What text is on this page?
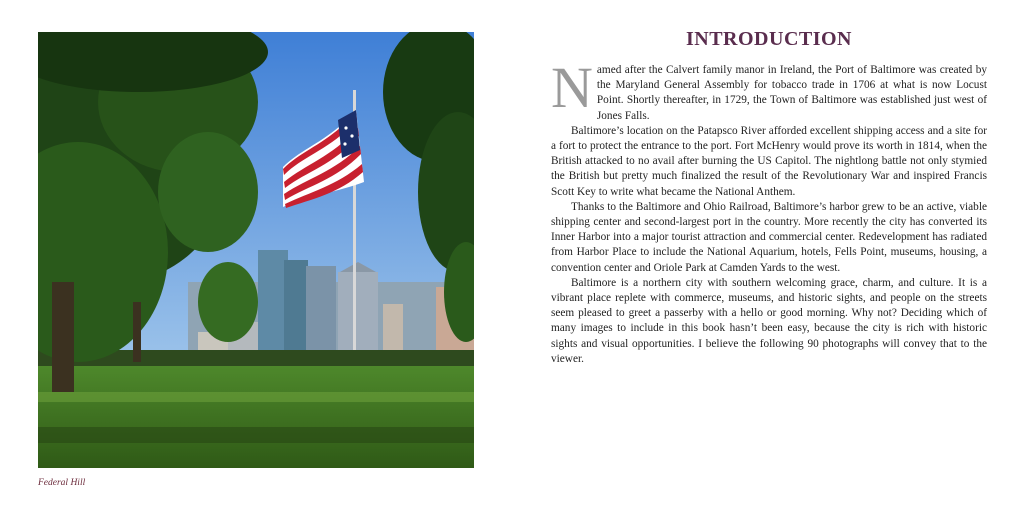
Federal Hill
INTRODUCTION
N amed after the Calvert family manor in Ireland, the Port of Baltimore was created by the Maryland General Assembly for tobacco trade in 1706 at what is now Locust Point. Shortly thereafter, in 1729, the Town of Baltimore was established just west of Jones Falls.

Baltimore’s location on the Patapsco River afforded excellent shipping access and a site for a fort to protect the entrance to the port. Fort McHenry would prove its worth in 1814, when the British attacked to no avail after burning the US Capitol. The nightlong battle not only stymied the British but pretty much finalized the result of the Revolutionary War and inspired Francis Scott Key to write what became the National Anthem.

Thanks to the Baltimore and Ohio Railroad, Baltimore’s harbor grew to be an active, viable shipping center and second-largest port in the country. More recently the city has converted its Inner Harbor into a major tourist attraction and commercial center. Redevelopment has radiated from Harbor Place to include the National Aquarium, hotels, Fells Point, museums, housing, a convention center and Oriole Park at Camden Yards to the west.

Baltimore is a northern city with southern welcoming grace, charm, and culture. It is a vibrant place replete with commerce, museums, and historic sights, and people on the streets seem pleased to greet a passerby with a hello or good morning. Why not? Deciding which of many images to include in this book hasn’t been easy, because the city is rich with historic sights and visual opportunities. I believe the following 90 photographs will convey that to the viewer.
